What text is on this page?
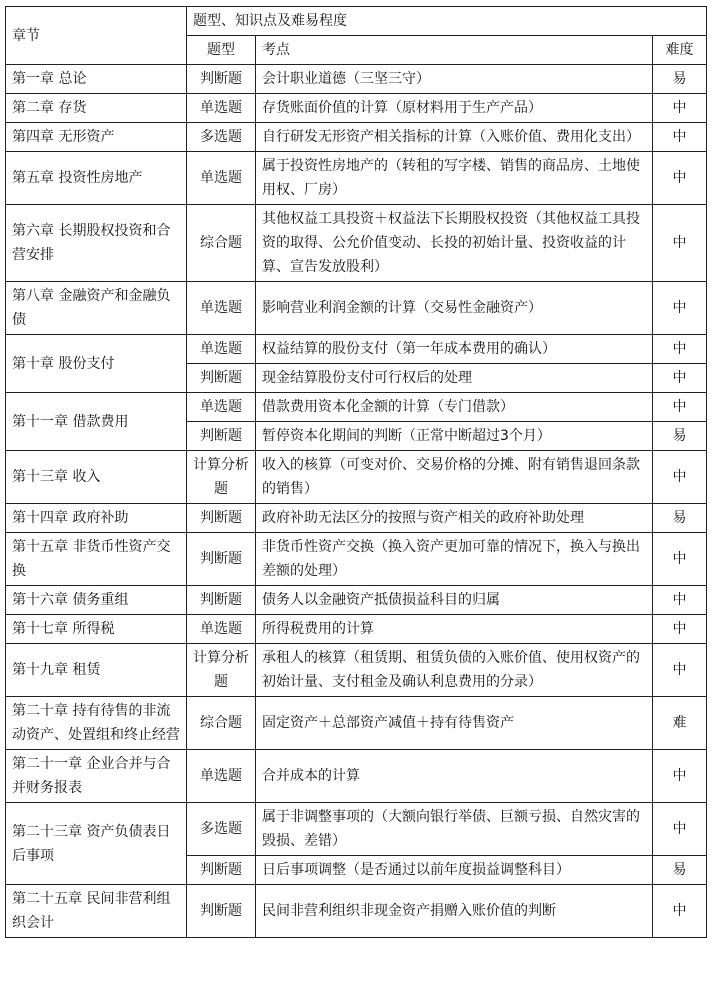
章节	题型、知识点及难易程度		
	题型	考点	难度
第一章 总论	判断题	会计职业道德（三坚三守）	易
第二章 存货	单选题	存货账面价值的计算（原材料用于生产产品）	中
第四章 无形资产	多选题	自行研发无形资产相关指标的计算（入账价值、费用化支出）	中
第五章 投资性房地产	单选题	属于投资性房地产的（转租的写字楼、销售的商品房、土地使用权、厂房）	中
第六章 长期股权投资和合营安排	综合题	其他权益工具投资＋权益法下长期股权投资（其他权益工具投资的取得、公允价值变动、长投的初始计量、投资收益的计算、宣告发放股利）	中
第八章 金融资产和金融负债	单选题	影响营业利润金额的计算（交易性金融资产）	中
第十章 股份支付	单选题	权益结算的股份支付（第一年成本费用的确认）	中
	判断题	现金结算股份支付可行权后的处理	中
第十一章 借款费用	单选题	借款费用资本化金额的计算（专门借款）	中
	判断题	暂停资本化期间的判断（正常中断超过3个月）	易
第十三章 收入	计算分析题	收入的核算（可变对价、交易价格的分摊、附有销售退回条款的销售）	中
第十四章 政府补助	判断题	政府补助无法区分的按照与资产相关的政府补助处理	易
第十五章 非货币性资产交换	判断题	非货币性资产交换（换入资产更加可靠的情况下，换入与换出差额的处理）	中
第十六章 债务重组	判断题	债务人以金融资产抵债损益科目的归属	中
第十七章 所得税	单选题	所得税费用的计算	中
第十九章 租赁	计算分析题	承租人的核算（租赁期、租赁负债的入账价值、使用权资产的初始计量、支付租金及确认利息费用的分录）	中
第二十章 持有待售的非流动资产、处置组和终止经营	综合题	固定资产＋总部资产减值＋持有待售资产	难
第二十一章 企业合并与合并财务报表	单选题	合并成本的计算	中
第二十三章 资产负债表日后事项	多选题	属于非调整事项的（大额向银行举债、巨额亏损、自然灾害的毁损、差错）	中
	判断题	日后事项调整（是否通过以前年度损益调整科目）	易
第二十五章 民间非营利组织会计	判断题	民间非营利组织非现金资产捐赠入账价值的判断	中
